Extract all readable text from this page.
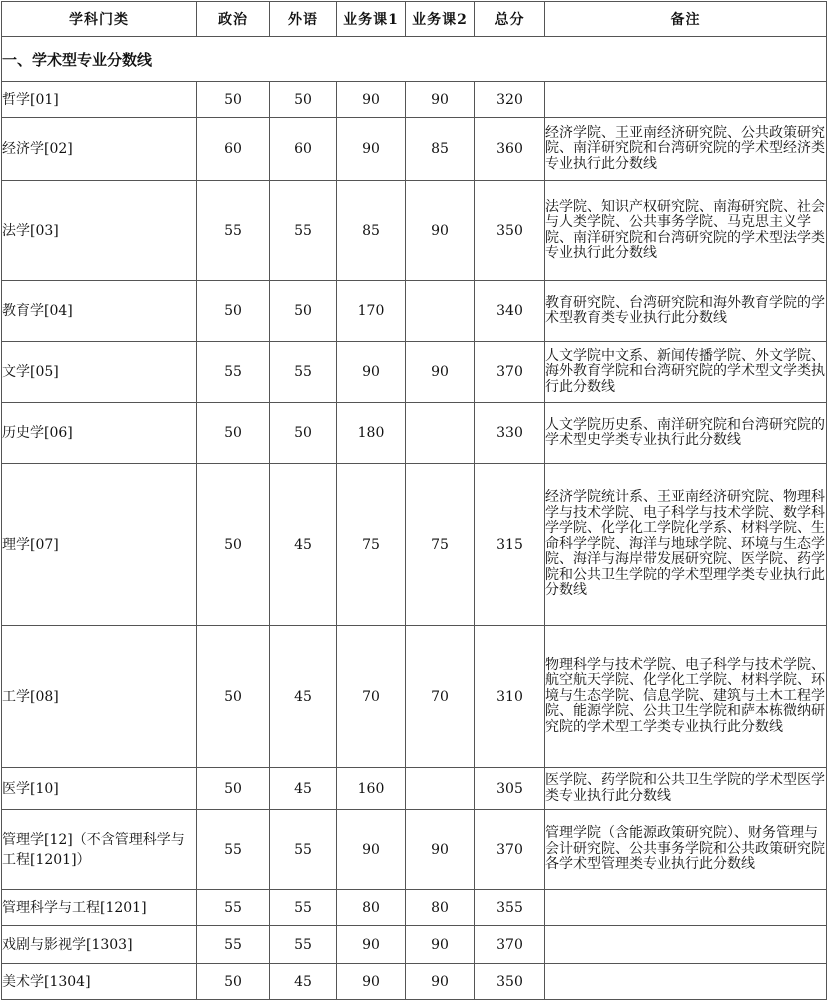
学科门类	政治	外语	业务课1	业务课2	总分	备注
一、学术型专业分数线						
哲学[01]	50	50	90	90	320	
经济学[02]	60	60	90	85	360	经济学院、王亚南经济研究院、公共政策研究院、南洋研究院和台湾研究院的学术型经济类专业执行此分数线
法学[03]	55	55	85	90	350	法学院、知识产权研究院、南海研究院、社会与人类学院、公共事务学院、马克思主义学院、南洋研究院和台湾研究院的学术型法学类专业执行此分数线
教育学[04]	50	50	170		340	教育研究院、台湾研究院和海外教育学院的学术型教育类专业执行此分数线
文学[05]	55	55	90	90	370	人文学院中文系、新闻传播学院、外文学院、海外教育学院和台湾研究院的学术型文学类执行此分数线
历史学[06]	50	50	180		330	人文学院历史系、南洋研究院和台湾研究院的学术型史学类专业执行此分数线
理学[07]	50	45	75	75	315	经济学院统计系、王亚南经济研究院、物理科学与技术学院、电子科学与技术学院、数学科学学院、化学化工学院化学系、材料学院、生命科学学院、海洋与地球学院、环境与生态学院、海洋与海岸带发展研究院、医学院、药学院和公共卫生学院的学术型理学类专业执行此分数线
工学[08]	50	45	70	70	310	物理科学与技术学院、电子科学与技术学院、航空航天学院、化学化工学院、材料学院、环境与生态学院、信息学院、建筑与土木工程学院、能源学院、公共卫生学院和萨本栋微纳研究院的学术型工学类专业执行此分数线
医学[10]	50	45	160		305	医学院、药学院和公共卫生学院的学术型医学类专业执行此分数线
管理学[12]（不含管理科学与工程[1201]）	55	55	90	90	370	管理学院（含能源政策研究院）、财务管理与会计研究院、公共事务学院和公共政策研究院各学术型管理类专业执行此分数线
管理科学与工程[1201]	55	55	80	80	355	
戏剧与影视学[1303]	55	55	90	90	370	
美术学[1304]	50	45	90	90	350	
